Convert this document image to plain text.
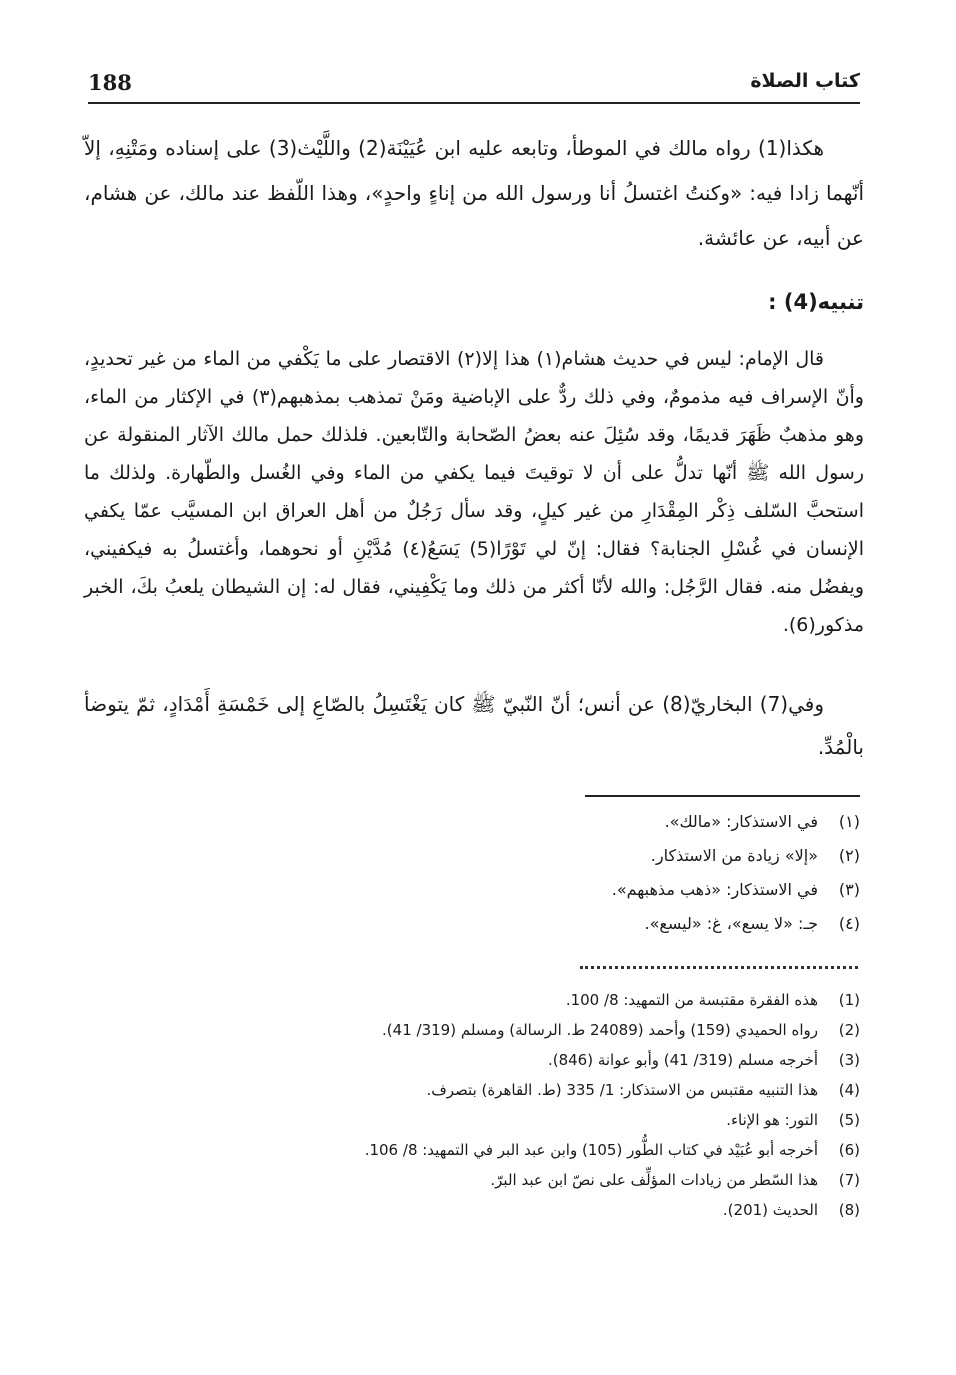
188	كتاب الصلاة

هكذا(1) رواه مالك في الموطأ، وتابعه عليه ابن عُيَيْنَة(2) واللَّيْث(3) على إسناده ومَتْنِهِ، إلاّ أنّهما زادا فيه: «وكنتُ اغتسلُ أنا ورسول الله من إناءٍ واحدٍ»، وهذا اللّفظ عند مالك، عن هشام، عن أبيه، عن عائشة.

تنبيه(4) :

قال الإمام: ليس في حديث هشام(١) هذا إلا(٢) الاقتصار على ما يَكْفي من الماء من غير تحديدٍ، وأنّ الإسراف فيه مذمومٌ، وفي ذلك ردٌّ على الإباضية ومَنْ تمذهب بمذهبهم(٣) في الإكثار من الماء، وهو مذهبٌ ظَهَرَ قديمًا، وقد سُئِلَ عنه بعضُ الصّحابة والتّابعين. فلذلك حمل مالك الآثار المنقولة عن رسول الله ﷺ أنّها تدلُّ على أن لا توقيتَ فيما يكفي من الماء وفي الغُسل والطّهارة. ولذلك ما استحبَّ السّلف ذِكْر المِقْدَارِ من غير كيلٍ، وقد سأل رَجُلٌ من أهل العراق ابن المسيَّب عمّا يكفي الإنسان في غُسْلِ الجنابة؟ فقال: إنّ لي تَوْرًا(5) يَسَعُ(٤) مُدَّيْنِ أو نحوهما، وأغتسلُ به فيكفيني، ويفضُل منه. فقال الرَّجُل: والله لأنّا أكثر من ذلك وما يَكْفِيني، فقال له: إن الشيطان يلعبُ بكَ، الخبر مذكور(6).

وفي(7) البخاريّ(8) عن أنس؛ أنّ النّبيّ ﷺ كان يَغْتَسِلُ بالصّاعِ إلى خَمْسَةِ أَمْدَادٍ، ثمّ يتوضأ بالْمُدِّ.

(١)في الاستذكار: «مالك».
(٢)«إلا» زيادة من الاستذكار.
(٣)في الاستذكار: «ذهب مذهبهم».
(٤)جـ: «لا يسع»، غ: «ليسع».
(1)هذه الفقرة مقتبسة من التمهيد: 8/ 100.
(2)رواه الحميدي (159) وأحمد (24089 ط. الرسالة) ومسلم (319/ 41).
(3)أخرجه مسلم (319/ 41) وأبو عوانة (846).
(4)هذا التنبيه مقتبس من الاستذكار: 1/ 335 (ط. القاهرة) بتصرف.
(5)التور: هو الإناء.
(6)أخرجه أبو عُبَيْد في كتاب الطُّور (105) وابن عبد البر في التمهيد: 8/ 106.
(7)هذا السّطر من زيادات المؤلِّف على نصّ ابن عبد البرّ.
(8)الحديث (201).
